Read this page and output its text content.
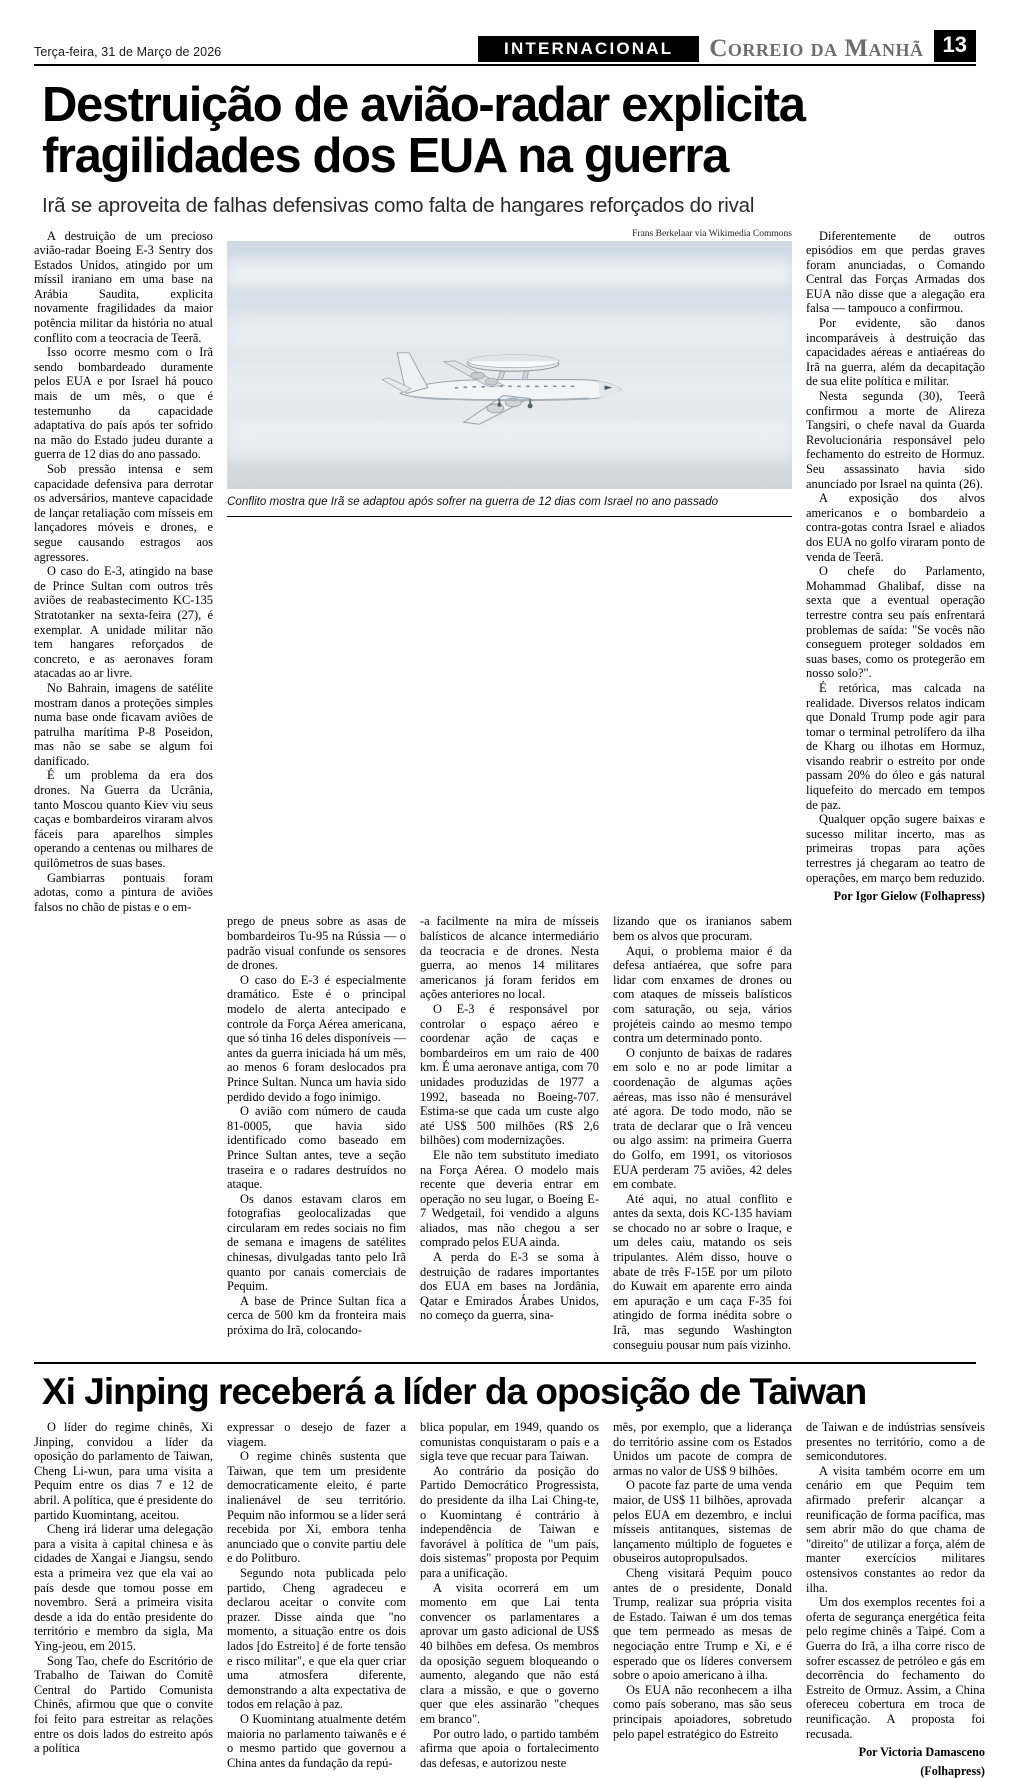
Terça-feira, 31 de Março de 2026	INTERNACIONAL	Correio da Manhã 13
Destruição de avião-radar explicita fragilidades dos EUA na guerra
Irã se aproveita de falhas defensivas como falta de hangares reforçados do rival

A destruição de um precioso avião-radar Boeing E-3 Sentry dos Estados Unidos, atingido por um míssil iraniano em uma base na Arábia Saudita, explicita novamente fragilidades da maior potência militar da história no atual conflito com a teocracia de Teerã.

Isso ocorre mesmo com o Irã sendo bombardeado duramente pelos EUA e por Israel há pouco mais de um mês, o que é testemunho da capacidade adaptativa do país após ter sofrido na mão do Estado judeu durante a guerra de 12 dias do ano passado.

Sob pressão intensa e sem capacidade defensiva para derrotar os adversários, manteve capacidade de lançar retaliação com mísseis em lançadores móveis e drones, e segue causando estragos aos agressores.

O caso do E-3, atingido na base de Prince Sultan com outros três aviões de reabastecimento KC-135 Stratotanker na sexta-feira (27), é exemplar. A unidade militar não tem hangares reforçados de concreto, e as aeronaves foram atacadas ao ar livre.

No Bahrain, imagens de satélite mostram danos a proteções simples numa base onde ficavam aviões de patrulha marítima P-8 Poseidon, mas não se sabe se algum foi danificado.

É um problema da era dos drones. Na Guerra da Ucrânia, tanto Moscou quanto Kiev viu seus caças e bombardeiros viraram alvos fáceis para aparelhos simples operando a centenas ou milhares de quilômetros de suas bases.

Gambiarras pontuais foram adotas, como a pintura de aviões falsos no chão de pistas e o em-

Frans Berkelaar via Wikimedia Commons
Conflito mostra que Irã se adaptou após sofrer na guerra de 12 dias com Israel no ano passado

Diferentemente de outros episódios em que perdas graves foram anunciadas, o Comando Central das Forças Armadas dos EUA não disse que a alegação era falsa — tampouco a confirmou.

Por evidente, são danos incomparáveis à destruição das capacidades aéreas e antiaéreas do Irã na guerra, além da decapitação de sua elite política e militar.

Nesta segunda (30), Teerã confirmou a morte de Alireza Tangsiri, o chefe naval da Guarda Revolucionária responsável pelo fechamento do estreito de Hormuz. Seu assassinato havia sido anunciado por Israel na quinta (26).

A exposição dos alvos americanos e o bombardeio a contra-gotas contra Israel e aliados dos EUA no golfo viraram ponto de venda de Teerã.

O chefe do Parlamento, Mohammad Ghalibaf, disse na sexta que a eventual operação terrestre contra seu país enfrentará problemas de saída: "Se vocês não conseguem proteger soldados em suas bases, como os protegerão em nosso solo?".

É retórica, mas calcada na realidade. Diversos relatos indicam que Donald Trump pode agir para tomar o terminal petrolífero da ilha de Kharg ou ilhotas em Hormuz, visando reabrir o estreito por onde passam 20% do óleo e gás natural liquefeito do mercado em tempos de paz.

Qualquer opção sugere baixas e sucesso militar incerto, mas as primeiras tropas para ações terrestres já chegaram ao teatro de operações, em março bem reduzido.

Por Igor Gielow (Folhapress)

prego de pneus sobre as asas de bombardeiros Tu-95 na Rússia — o padrão visual confunde os sensores de drones.

O caso do E-3 é especialmente dramático. Este é o principal modelo de alerta antecipado e controle da Força Aérea americana, que só tinha 16 deles disponíveis —antes da guerra iniciada há um mês, ao menos 6 foram deslocados pra Prince Sultan. Nunca um havia sido perdido devido a fogo inimigo.

O avião com número de cauda 81-0005, que havia sido identificado como baseado em Prince Sultan antes, teve a seção traseira e o radares destruídos no ataque.

Os danos estavam claros em fotografias geolocalizadas que circularam em redes sociais no fim de semana e imagens de satélites chinesas, divulgadas tanto pelo Irã quanto por canais comerciais de Pequim.

A base de Prince Sultan fica a cerca de 500 km da fronteira mais próxima do Irã, colocando-

-a facilmente na mira de mísseis balísticos de alcance intermediário da teocracia e de drones. Nesta guerra, ao menos 14 militares americanos já foram feridos em ações anteriores no local.

O E-3 é responsável por controlar o espaço aéreo e coordenar ação de caças e bombardeiros em um raio de 400 km. É uma aeronave antiga, com 70 unidades produzidas de 1977 a 1992, baseada no Boeing-707. Estima-se que cada um custe algo até US$ 500 milhões (R$ 2,6 bilhões) com modernizações.

Ele não tem substituto imediato na Força Aérea. O modelo mais recente que deveria entrar em operação no seu lugar, o Boeing E-7 Wedgetail, foi vendido a alguns aliados, mas não chegou a ser comprado pelos EUA ainda.

A perda do E-3 se soma à destruição de radares importantes dos EUA em bases na Jordânia, Qatar e Emirados Árabes Unidos, no começo da guerra, sina-

lizando que os iranianos sabem bem os alvos que procuram.

Aqui, o problema maior é da defesa antiaérea, que sofre para lidar com enxames de drones ou com ataques de mísseis balísticos com saturação, ou seja, vários projéteis caindo ao mesmo tempo contra um determinado ponto.

O conjunto de baixas de radares em solo e no ar pode limitar a coordenação de algumas ações aéreas, mas isso não é mensurável até agora. De todo modo, não se trata de declarar que o Irã venceu ou algo assim: na primeira Guerra do Golfo, em 1991, os vitoriosos EUA perderam 75 aviões, 42 deles em combate.

Até aqui, no atual conflito e antes da sexta, dois KC-135 haviam se chocado no ar sobre o Iraque, e um deles caiu, matando os seis tripulantes. Além disso, houve o abate de três F-15E por um piloto do Kuwait em aparente erro ainda em apuração e um caça F-35 foi atingido de forma inédita sobre o Irã, mas segundo Washington conseguiu pousar num país vizinho.

Xi Jinping receberá a líder da oposição de Taiwan

O líder do regime chinês, Xi Jinping, convidou a líder da oposição do parlamento de Taiwan, Cheng Li-wun, para uma visita a Pequim entre os dias 7 e 12 de abril. A política, que é presidente do partido Kuomintang, aceitou.

Cheng irá liderar uma delegação para a visita à capital chinesa e às cidades de Xangai e Jiangsu, sendo esta a primeira vez que ela vai ao país desde que tomou posse em novembro. Será a primeira visita desde a ida do então presidente do território e membro da sigla, Ma Ying-jeou, em 2015.

Song Tao, chefe do Escritório de Trabalho de Taiwan do Comitê Central do Partido Comunista Chinês, afirmou que que o convite foi feito para estreitar as relações entre os dois lados do estreito após a política

expressar o desejo de fazer a viagem.

O regime chinês sustenta que Taiwan, que tem um presidente democraticamente eleito, é parte inalienável de seu território. Pequim não informou se a líder será recebida por Xi, embora tenha anunciado que o convite partiu dele e do Politburo.

Segundo nota publicada pelo partido, Cheng agradeceu e declarou aceitar o convite com prazer. Disse ainda que "no momento, a situação entre os dois lados [do Estreito] é de forte tensão e risco militar", e que ela quer criar uma atmosfera diferente, demonstrando a alta expectativa de todos em relação à paz.

O Kuomintang atualmente detém maioria no parlamento taiwanês e é o mesmo partido que governou a China antes da fundação da repú-

blica popular, em 1949, quando os comunistas conquistaram o país e a sigla teve que recuar para Taiwan.

Ao contrário da posição do Partido Democrático Progressista, do presidente da ilha Lai Ching-te, o Kuomintang é contrário à independência de Taiwan e favorável à política de "um país, dois sistemas" proposta por Pequim para a unificação.

A visita ocorrerá em um momento em que Lai tenta convencer os parlamentares a aprovar um gasto adicional de US$ 40 bilhões em defesa. Os membros da oposição seguem bloqueando o aumento, alegando que não está clara a missão, e que o governo quer que eles assinarão "cheques em branco".

Por outro lado, o partido também afirma que apoia o fortalecimento das defesas, e autorizou neste

mês, por exemplo, que a liderança do território assine com os Estados Unidos um pacote de compra de armas no valor de US$ 9 bilhões.

O pacote faz parte de uma venda maior, de US$ 11 bilhões, aprovada pelos EUA em dezembro, e inclui mísseis antitanques, sistemas de lançamento múltiplo de foguetes e obuseiros autopropulsados.

Cheng visitará Pequim pouco antes de o presidente, Donald Trump, realizar sua própria visita de Estado. Taiwan é um dos temas que tem permeado as mesas de negociação entre Trump e Xi, e é esperado que os líderes conversem sobre o apoio americano à ilha.

Os EUA não reconhecem a ilha como país soberano, mas são seus principais apoiadores, sobretudo pelo papel estratégico do Estreito

de Taiwan e de indústrias sensíveis presentes no território, como a de semicondutores.

A visita também ocorre em um cenário em que Pequim tem afirmado preferir alcançar a reunificação de forma pacífica, mas sem abrir mão do que chama de "direito" de utilizar a força, além de manter exercícios militares ostensivos constantes ao redor da ilha.

Um dos exemplos recentes foi a oferta de segurança energética feita pelo regime chinês a Taipé. Com a Guerra do Irã, a ilha corre risco de sofrer escassez de petróleo e gás em decorrência do fechamento do Estreito de Ormuz. Assim, a China ofereceu cobertura em troca de reunificação. A proposta foi recusada.

Por Victoria Damasceno
(Folhapress)
